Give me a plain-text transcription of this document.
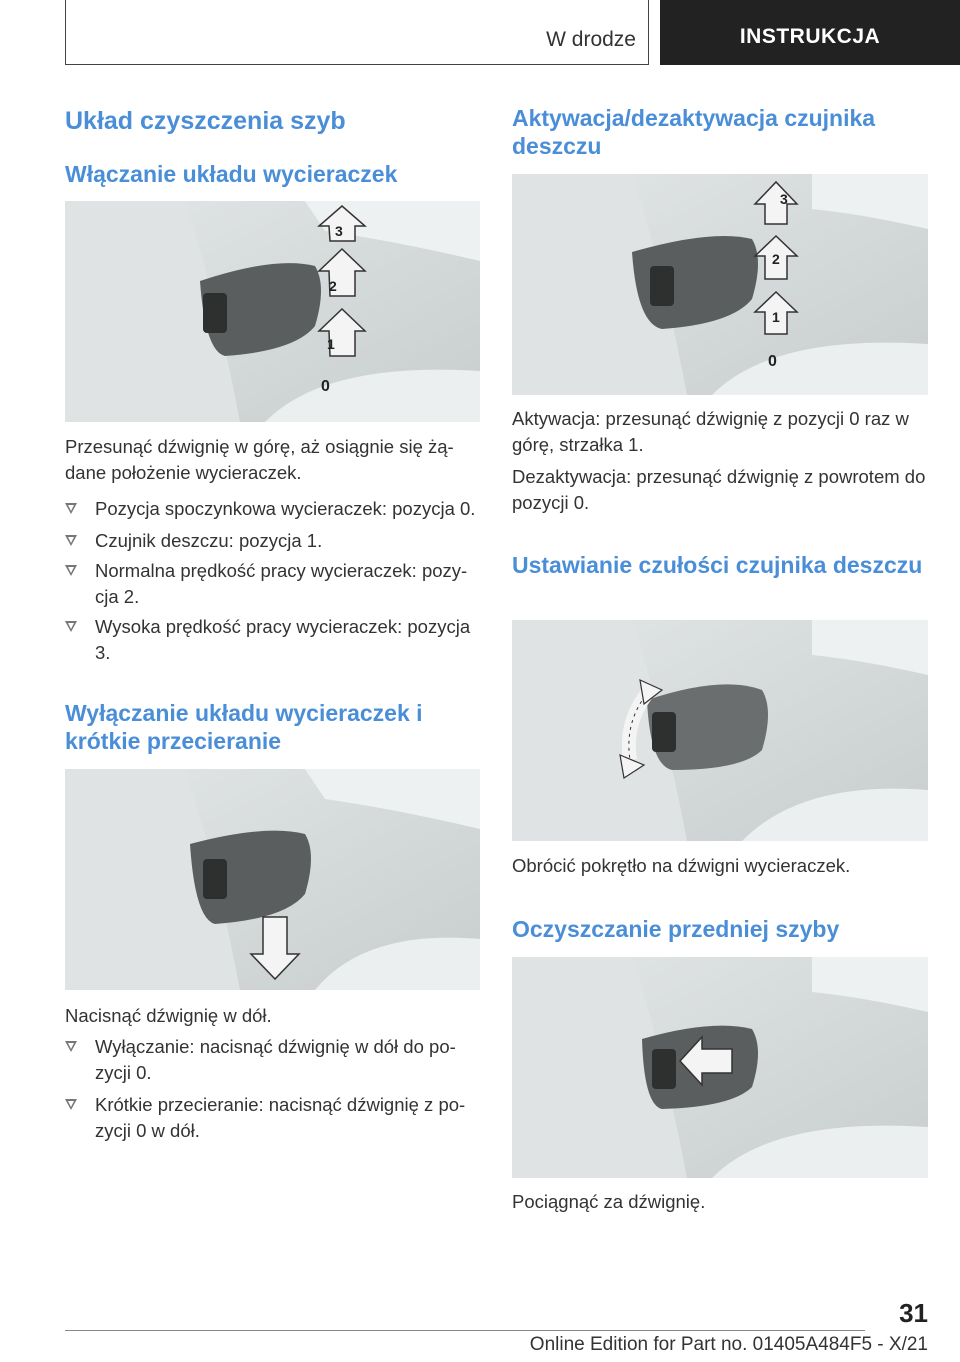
W drodze	INSTRUKCJA
Układ czyszczenia szyb
Włączanie układu wycieraczek
3
2
1
0
Przesunąć dźwignię w górę, aż osiągnie się żą-dane położenie wycieraczek.
Pozycja spoczynkowa wycieraczek: pozycja 0.
Czujnik deszczu: pozycja 1.
Normalna prędkość pracy wycieraczek: pozy-cja 2.
Wysoka prędkość pracy wycieraczek: pozycja 3.
Wyłączanie układu wycieraczek i krótkie przecieranie
Nacisnąć dźwignię w dół.
Wyłączanie: nacisnąć dźwignię w dół do po-zycji 0.
Krótkie przecieranie: nacisnąć dźwignię z po-zycji 0 w dół.
Aktywacja/dezaktywacja czujnika deszczu
3
2
1
0
Aktywacja: przesunąć dźwignię z pozycji 0 raz w górę, strzałka 1.
Dezaktywacja: przesunąć dźwignię z powrotem do pozycji 0.
Ustawianie czułości czujnika deszczu
Obrócić pokrętło na dźwigni wycieraczek.
Oczyszczanie przedniej szyby
Pociągnąć za dźwignię.
31
Online Edition for Part no. 01405A484F5 - X/21
